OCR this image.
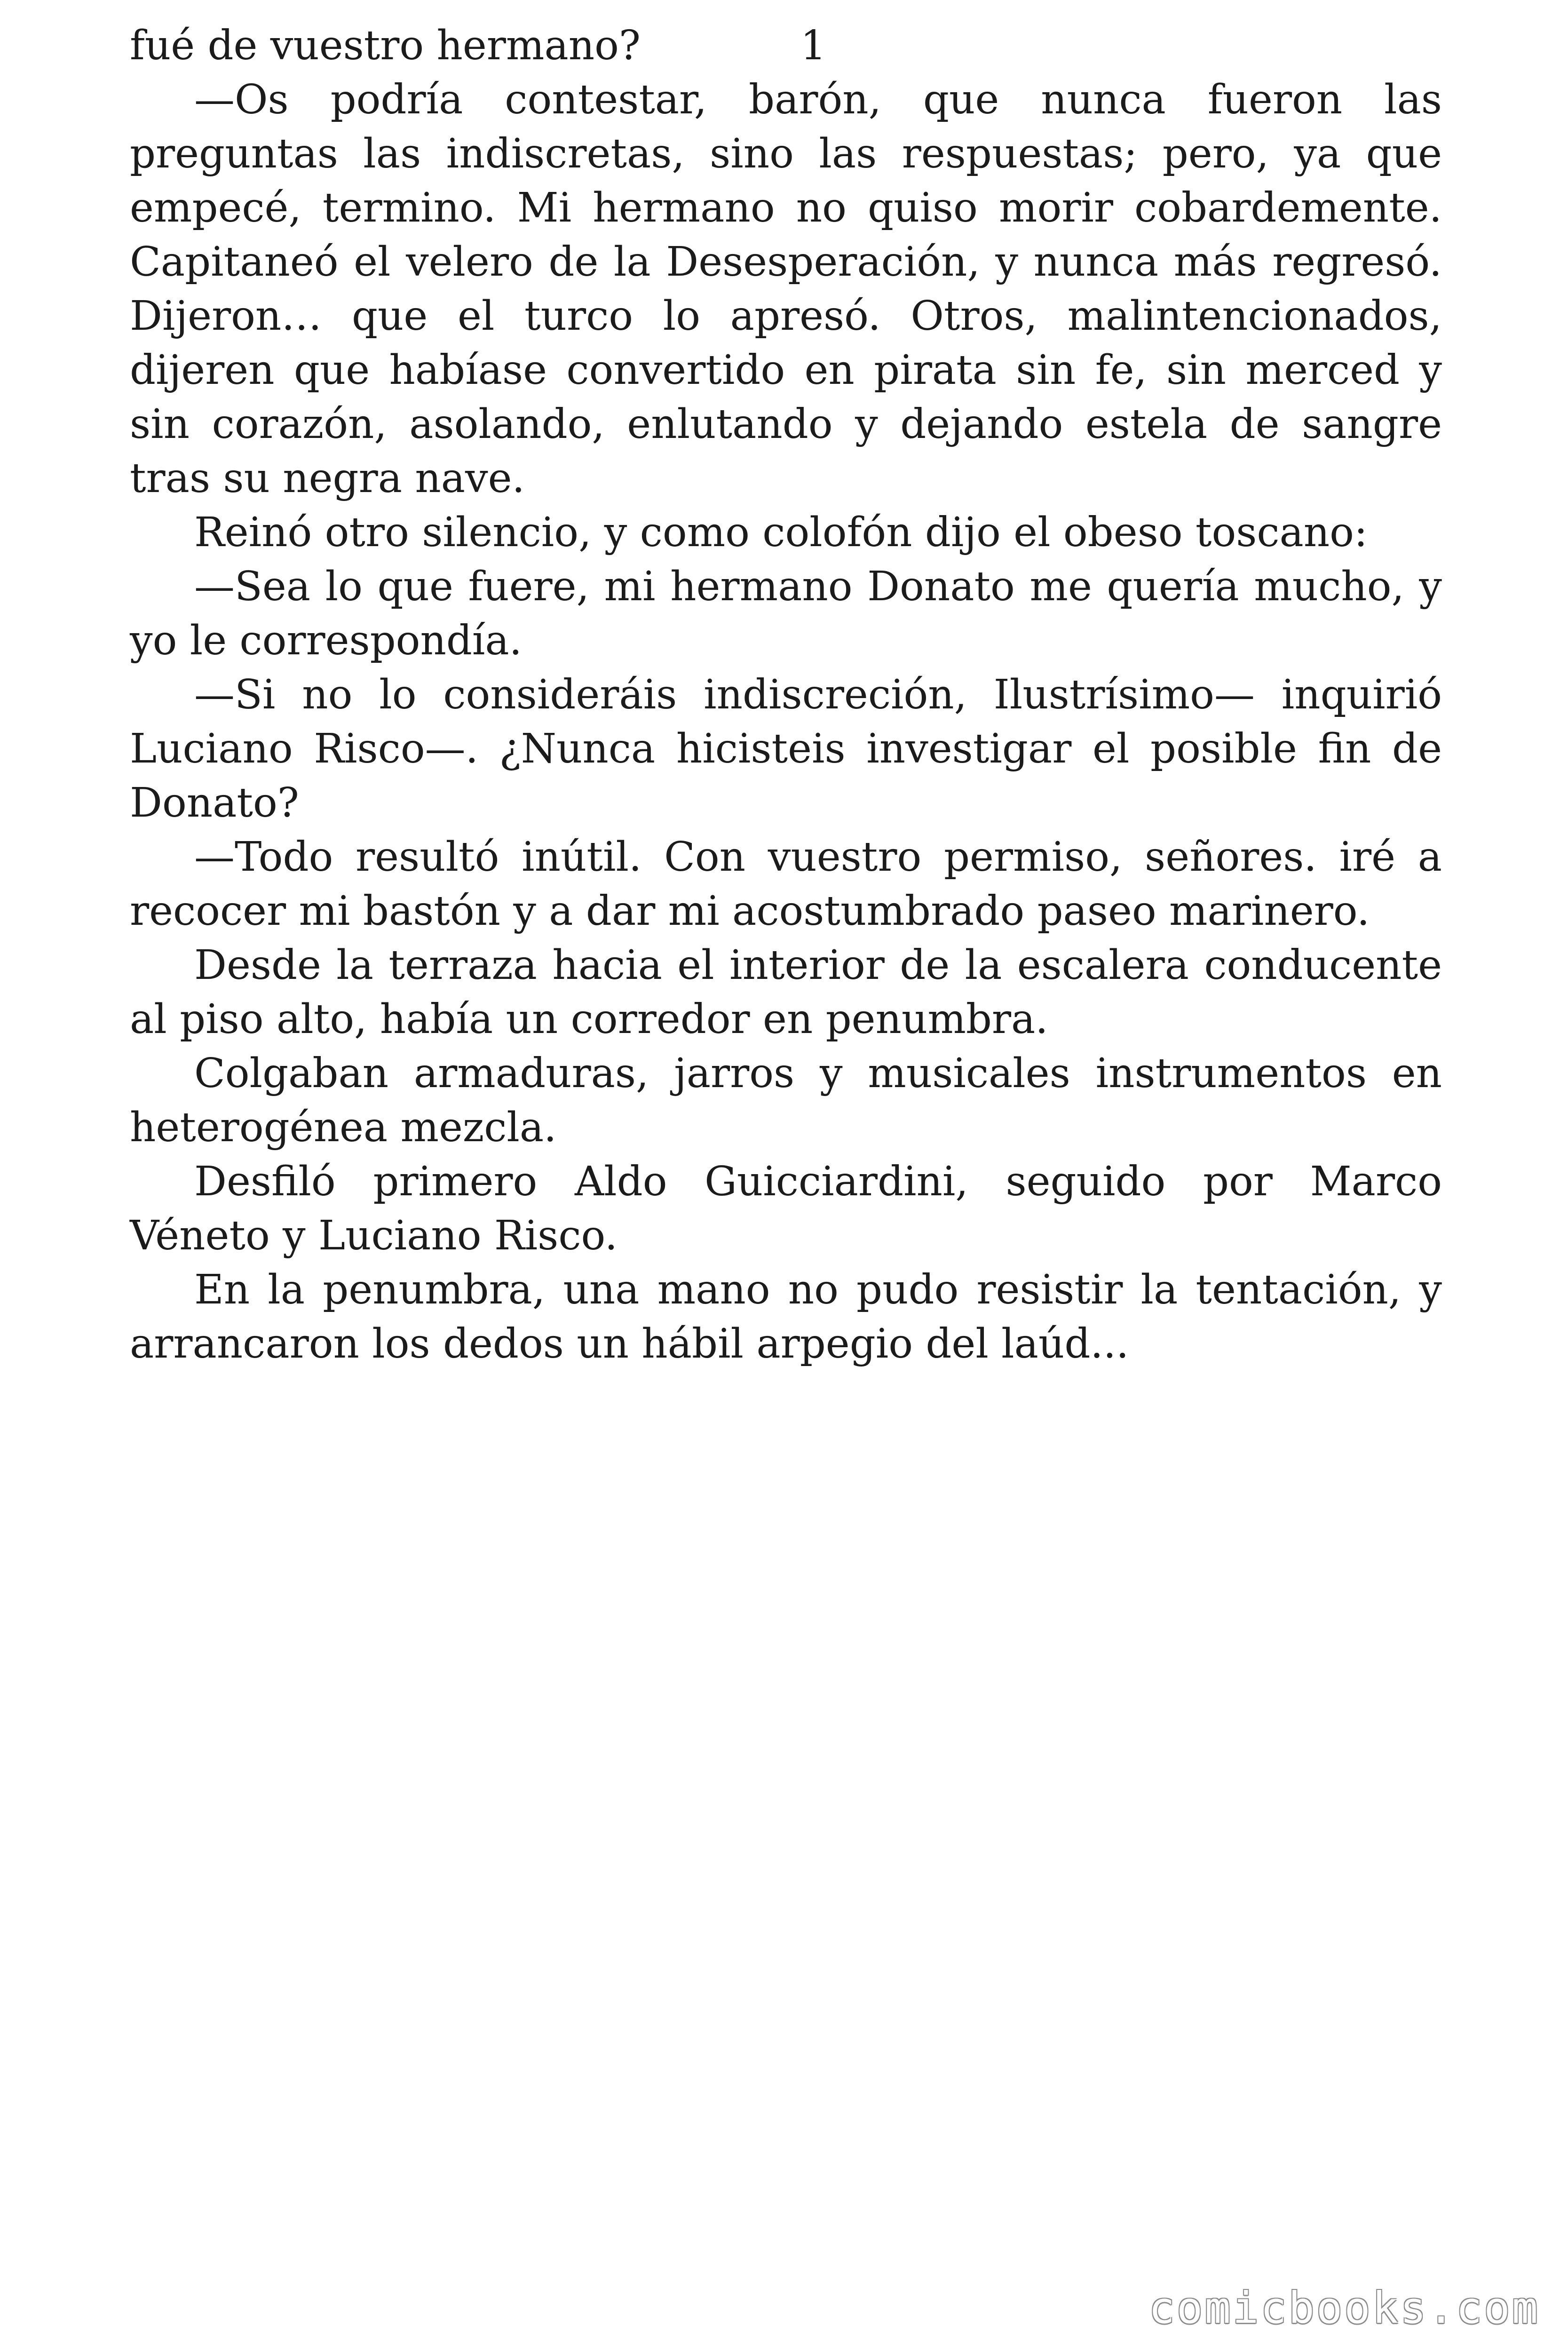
fué de vuestro hermano?	1

—Os podría contestar, barón, que nunca fueron las preguntas las indiscretas, sino las respuestas; pero, ya que empecé, termino. Mi hermano no quiso morir cobardemente. Capitaneó el velero de la Desesperación, y nunca más regresó. Dijeron… que el turco lo apresó. Otros, malintencionados, dijeren que habíase convertido en pirata sin fe, sin merced y sin corazón, asolando, enlutando y dejando estela de sangre tras su negra nave.

Reinó otro silencio, y como colofón dijo el obeso toscano:

—Sea lo que fuere, mi hermano Donato me quería mucho, y yo le correspondía.

—Si no lo consideráis indiscreción, Ilustrísimo— inquirió Luciano Risco—. ¿Nunca hicisteis investigar el posible fin de Donato?

—Todo resultó inútil. Con vuestro permiso, señores. iré a recocer mi bastón y a dar mi acostumbrado paseo marinero.

Desde la terraza hacia el interior de la escalera conducente al piso alto, había un corredor en penumbra.

Colgaban armaduras, jarros y musicales instrumentos en heterogénea mezcla.

Desfiló primero Aldo Guicciardini, seguido por Marco Véneto y Luciano Risco.

En la penumbra, una mano no pudo resistir la tentación, y arrancaron los dedos un hábil arpegio del laúd...

comicbooks.com
